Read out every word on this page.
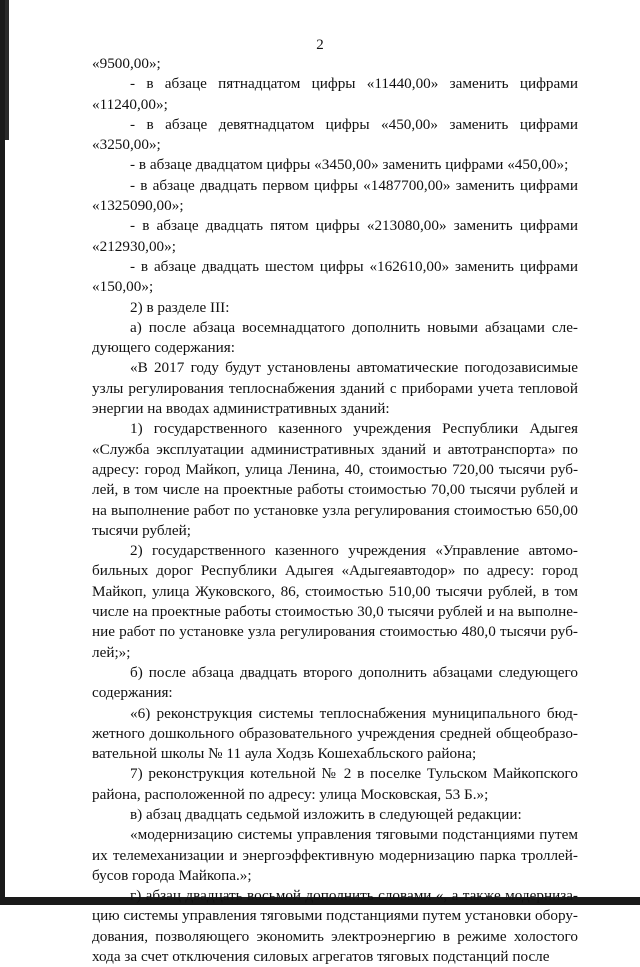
2

«9500,00»;

- в абзаце пятнадцатом цифры «11440,00» заменить цифрами «11240,00»;

- в абзаце девятнадцатом цифры «450,00» заменить цифрами «3250,00»;

- в абзаце двадцатом цифры «3450,00» заменить цифрами «450,00»;

- в абзаце двадцать первом цифры «1487700,00» заменить цифрами «1325090,00»;

- в абзаце двадцать пятом цифры «213080,00» заменить цифрами «212930,00»;

- в абзаце двадцать шестом цифры «162610,00» заменить цифрами «150,00»;

2) в разделе III:

а) после абзаца восемнадцатого дополнить новыми абзацами сле-дующего содержания:

«В 2017 году будут установлены автоматические погодозависимые узлы регулирования теплоснабжения зданий с приборами учета тепловой энергии на вводах административных зданий:

1) государственного казенного учреждения Республики Адыгея «Служба эксплуатации административных зданий и автотранспорта» по адресу: город Майкоп, улица Ленина, 40, стоимостью 720,00 тысячи руб-лей, в том числе на проектные работы стоимостью 70,00 тысячи рублей и на выполнение работ по установке узла регулирования стоимостью 650,00 тысячи рублей;

2) государственного казенного учреждения «Управление автомо-бильных дорог Республики Адыгея «Адыгеяавтодор» по адресу: город Майкоп, улица Жуковского, 86, стоимостью 510,00 тысячи рублей, в том числе на проектные работы стоимостью 30,0 тысячи рублей и на выполне-ние работ по установке узла регулирования стоимостью 480,0 тысячи руб-лей;»;

б) после абзаца двадцать второго дополнить абзацами следующего содержания:

«6) реконструкция системы теплоснабжения муниципального бюд-жетного дошкольного образовательного учреждения средней общеобразо-вательной школы № 11 аула Ходзь Кошехабльского района;

7) реконструкция котельной № 2 в поселке Тульском Майкопского района, расположенной по адресу: улица Московская, 53 Б.»;

в) абзац двадцать седьмой изложить в следующей редакции:

«модернизацию системы управления тяговыми подстанциями путем их телемеханизации и энергоэффективную модернизацию парка троллей-бусов города Майкопа.»;

г) абзац двадцать восьмой дополнить словами «, а также модерниза-цию системы управления тяговыми подстанциями путем установки обору-дования, позволяющего экономить электроэнергию в режиме холостого хода за счет отключения силовых агрегатов тяговых подстанций после
